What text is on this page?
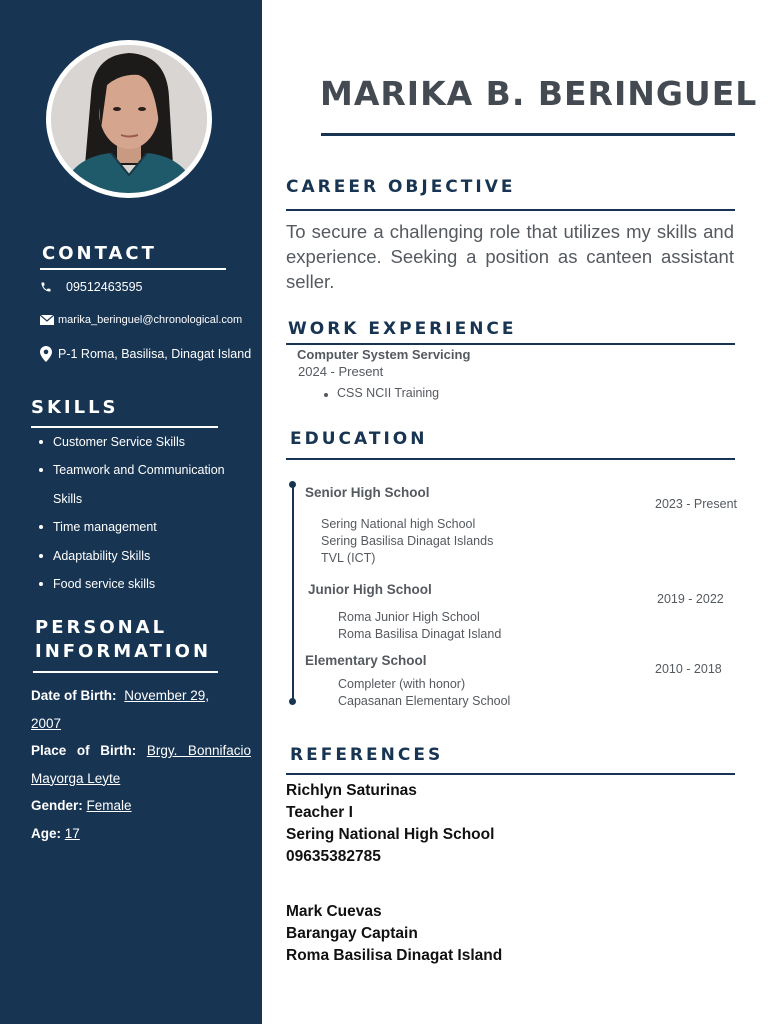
CONTACT
09512463595
marika_beringuel@chronological.com
P-1 Roma, Basilisa, Dinagat Island
SKILLS
Customer Service Skills
Teamwork and Communication
Skills
Time management
Adaptability Skills
Food service skills
PERSONAL
INFORMATION
Date of Birth: November 29,
2007
Place of Birth: Brgy. Bonnifacio
Mayorga Leyte
Gender: Female
Age: 17
MARIKA B. BERINGUEL
CAREER OBJECTIVE
To secure a challenging role that utilizes my skills and experience. Seeking a position as canteen assistant seller.
WORK EXPERIENCE
Computer System Servicing
2024 - Present
CSS NCII Training
EDUCATION
Senior High School
2023 - Present
Sering National high School
Sering Basilisa Dinagat Islands
TVL (ICT)
Junior High School
2019 - 2022
Roma Junior High School
Roma Basilisa Dinagat Island
Elementary School
2010 - 2018
Completer (with honor)
Capasanan Elementary School
REFERENCES
Richlyn Saturinas
Teacher I
Sering National High School
09635382785
Mark Cuevas
Barangay Captain
Roma Basilisa Dinagat Island
